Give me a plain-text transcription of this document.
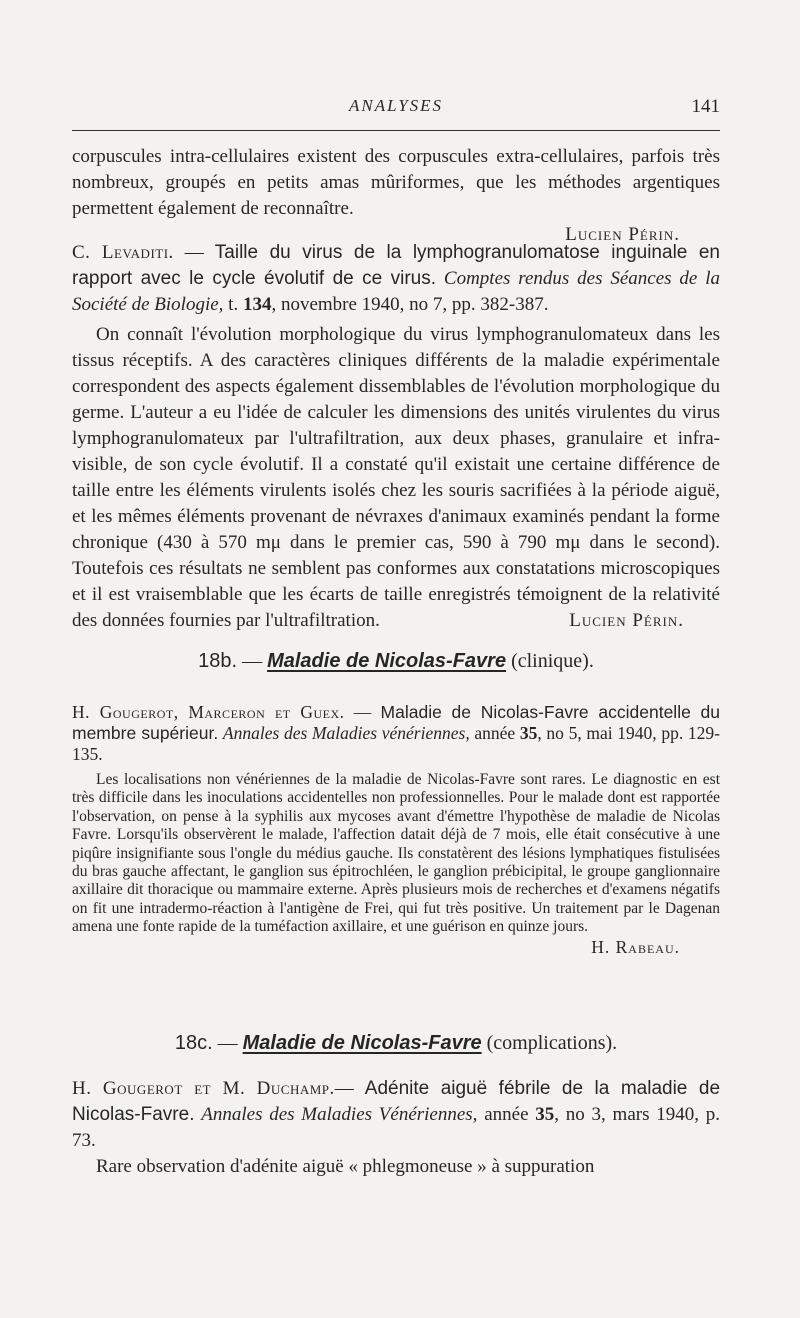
ANALYSES	141

corpuscules intra-cellulaires existent des corpuscules extra-cellulaires, parfois très nombreux, groupés en petits amas mûriformes, que les méthodes argentiques permettent également de reconnaître.

Lucien Périn.

C. Levaditi. — Taille du virus de la lymphogranulomatose inguinale en rapport avec le cycle évolutif de ce virus. Comptes rendus des Séances de la Société de Biologie, t. 134, novembre 1940, no 7, pp. 382-387.

On connaît l'évolution morphologique du virus lymphogranulomateux dans les tissus réceptifs. A des caractères cliniques différents de la maladie expérimentale correspondent des aspects également dissemblables de l'évolution morphologique du germe. L'auteur a eu l'idée de calculer les dimensions des unités virulentes du virus lymphogranulomateux par l'ultrafiltration, aux deux phases, granulaire et infra-visible, de son cycle évolutif. Il a constaté qu'il existait une certaine différence de taille entre les éléments virulents isolés chez les souris sacrifiées à la période aiguë, et les mêmes éléments provenant de névraxes d'animaux examinés pendant la forme chronique (430 à 570 mμ dans le premier cas, 590 à 790 mμ dans le second). Toutefois ces résultats ne semblent pas conformes aux constatations microscopiques et il est vraisemblable que les écarts de taille enregistrés témoignent de la relativité des données fournies par l'ultrafiltration.	Lucien Périn.

18b. — Maladie de Nicolas-Favre (clinique).

H. Gougerot, Marceron et Guex. — Maladie de Nicolas-Favre accidentelle du membre supérieur. Annales des Maladies vénériennes, année 35, no 5, mai 1940, pp. 129-135.

Les localisations non vénériennes de la maladie de Nicolas-Favre sont rares. Le diagnostic en est très difficile dans les inoculations accidentelles non professionnelles. Pour le malade dont est rapportée l'observation, on pense à la syphilis aux mycoses avant d'émettre l'hypothèse de maladie de Nicolas Favre. Lorsqu'ils observèrent le malade, l'affection datait déjà de 7 mois, elle était consécutive à une piqûre insignifiante sous l'ongle du médius gauche. Ils constatèrent des lésions lymphatiques fistulisées du bras gauche affectant, le ganglion sus épitrochléen, le ganglion prébicipital, le groupe ganglionnaire axillaire dit thoracique ou mammaire externe. Après plusieurs mois de recherches et d'examens négatifs on fit une intradermo-réaction à l'antigène de Frei, qui fut très positive. Un traitement par le Dagenan amena une fonte rapide de la tuméfaction axillaire, et une guérison en quinze jours.

H. Rabeau.

18c. — Maladie de Nicolas-Favre (complications).

H. Gougerot et M. Duchamp.— Adénite aiguë fébrile de la maladie de Nicolas-Favre. Annales des Maladies Vénériennes, année 35, no 3, mars 1940, p. 73.

Rare observation d'adénite aiguë « phlegmoneuse » à suppuration
